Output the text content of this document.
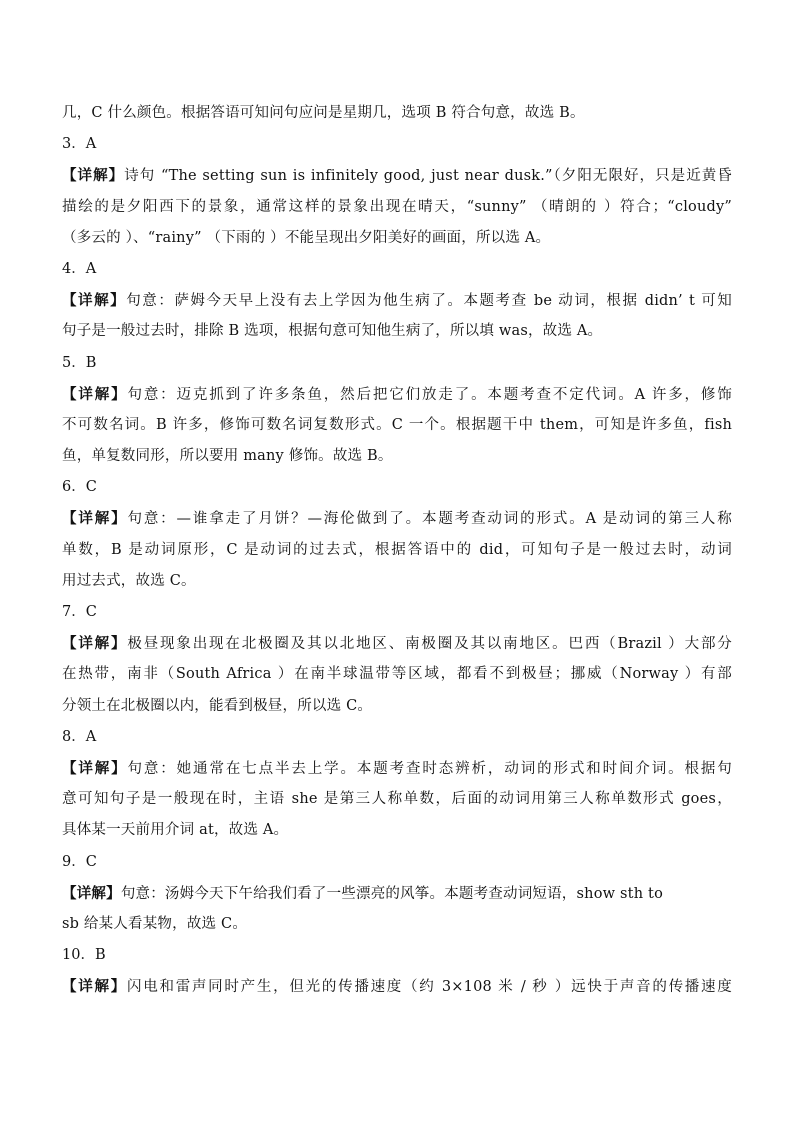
几，C 什么颜色。根据答语可知问句应问是星期几，选项 B 符合句意，故选 B。
3．A
【详解】诗句 “The setting sun is infinitely good, just near dusk.”（夕阳无限好，只是近黄昏
描绘的是夕阳西下的景象，通常这样的景象出现在晴天，“sunny” （晴朗的 ）符合；“cloudy”
（多云的 ）、“rainy” （下雨的 ）不能呈现出夕阳美好的画面，所以选 A。
4．A
【详解】句意：萨姆今天早上没有去上学因为他生病了。本题考查 be 动词，根据 didn’ t 可知
句子是一般过去时，排除 B 选项，根据句意可知他生病了，所以填 was，故选 A。
5．B
【详解】句意：迈克抓到了许多条鱼，然后把它们放走了。本题考查不定代词。A 许多，修饰
不可数名词。B 许多，修饰可数名词复数形式。C 一个。根据题干中 them，可知是许多鱼，fish
鱼，单复数同形，所以要用 many 修饰。故选 B。
6．C
【详解】句意：—谁拿走了月饼？—海伦做到了。本题考查动词的形式。A 是动词的第三人称
单数，B 是动词原形，C 是动词的过去式，根据答语中的 did，可知句子是一般过去时，动词
用过去式，故选 C。
7．C
【详解】极昼现象出现在北极圈及其以北地区、南极圈及其以南地区。巴西（Brazil ）大部分
在热带，南非（South Africa ）在南半球温带等区域，都看不到极昼；挪威（Norway ）有部
分领土在北极圈以内，能看到极昼，所以选 C。
8．A
【详解】句意：她通常在七点半去上学。本题考查时态辨析，动词的形式和时间介词。根据句
意可知句子是一般现在时，主语 she 是第三人称单数，后面的动词用第三人称单数形式 goes，
具体某一天前用介词 at，故选 A。
9．C
【详解】句意：汤姆今天下午给我们看了一些漂亮的风筝。本题考查动词短语，show sth to
sb 给某人看某物，故选 C。
10．B
【详解】闪电和雷声同时产生，但光的传播速度（约 3×108 米 / 秒 ）远快于声音的传播速度
